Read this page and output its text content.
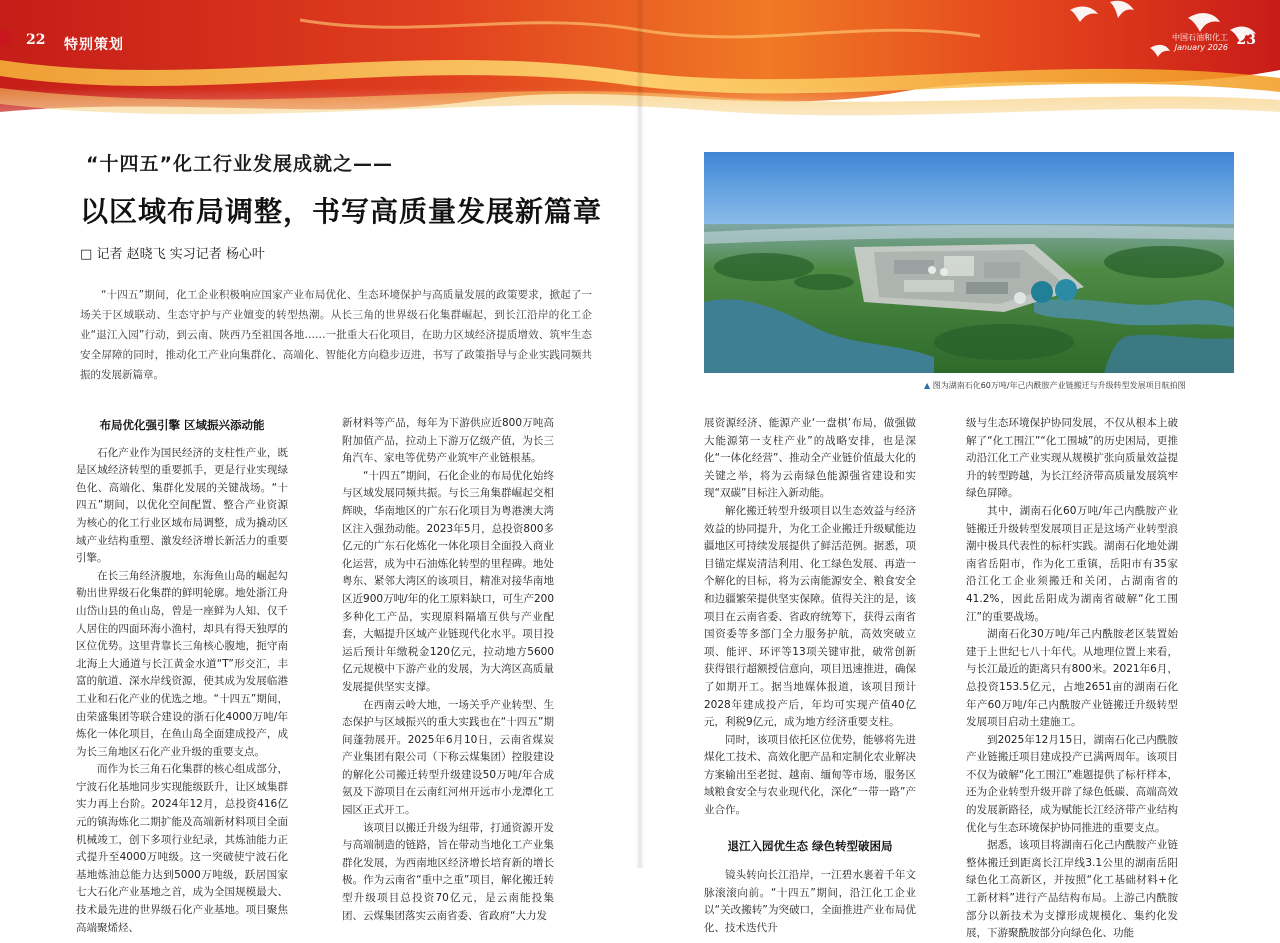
22 特别策划	中国石油和化工
January 2026 23
“十四五”化工行业发展成就之——
以区域布局调整，书写高质量发展新篇章
□ 记者 赵晓飞 实习记者 杨心叶
“十四五”期间，化工企业积极响应国家产业布局优化、生态环境保护与高质量发展的政策要求，掀起了一场关于区域联动、生态守护与产业嬗变的转型热潮。从长三角的世界级石化集群崛起，到长江沿岸的化工企业“退江入园”行动，到云南、陕西乃至祖国各地……一批重大石化项目，在助力区域经济提质增效、筑牢生态安全屏障的同时，推动化工产业向集群化、高端化、智能化方向稳步迈进，书写了政策指导与企业实践同频共振的发展新篇章。

布局优化强引擎 区域振兴添动能

石化产业作为国民经济的支柱性产业，既是区域经济转型的重要抓手，更是行业实现绿色化、高端化、集群化发展的关键战场。“十四五”期间，以优化空间配置、整合产业资源为核心的化工行业区域布局调整，成为撬动区域产业结构重塑、激发经济增长新活力的重要引擎。

在长三角经济腹地，东海鱼山岛的崛起勾勒出世界级石化集群的鲜明轮廓。地处浙江舟山岱山县的鱼山岛，曾是一座鲜为人知、仅千人居住的四面环海小渔村，却具有得天独厚的区位优势。这里背靠长三角核心腹地，扼守南北海上大通道与长江黄金水道“T”形交汇，丰富的航道、深水岸线资源，使其成为发展临港工业和石化产业的优选之地。“十四五”期间，由荣盛集团等联合建设的浙石化4000万吨/年炼化一体化项目，在鱼山岛全面建成投产，成为长三角地区石化产业升级的重要支点。

而作为长三角石化集群的核心组成部分，宁波石化基地同步实现能级跃升，让区域集群实力再上台阶。2024年12月，总投资416亿元的镇海炼化二期扩能及高端新材料项目全面机械竣工，创下多项行业纪录，其炼油能力正式提升至4000万吨级。这一突破使宁波石化基地炼油总能力达到5000万吨级，跃居国家七大石化产业基地之首，成为全国规模最大、技术最先进的世界级石化产业基地。项目聚焦高端聚烯烃、

新材料等产品，每年为下游供应近800万吨高附加值产品，拉动上下游万亿级产值，为长三角汽车、家电等优势产业筑牢产业链根基。

“十四五”期间，石化企业的布局优化始终与区域发展同频共振。与长三角集群崛起交相辉映，华南地区的广东石化项目为粤港澳大湾区注入强劲动能。2023年5月，总投资800多亿元的广东石化炼化一体化项目全面投入商业化运营，成为中石油炼化转型的里程碑。地处粤东、紧邻大湾区的该项目，精准对接华南地区近900万吨/年的化工原料缺口，可生产200多种化工产品，实现原料隔墙互供与产业配套，大幅提升区域产业链现代化水平。项目投运后预计年缴税金120亿元，拉动地方5600亿元规模中下游产业的发展，为大湾区高质量发展提供坚实支撑。

在西南云岭大地，一场关乎产业转型、生态保护与区域振兴的重大实践也在“十四五”期间蓬勃展开。2025年6月10日，云南省煤炭产业集团有限公司（下称云煤集团）控股建设的解化公司搬迁转型升级建设50万吨/年合成氨及下游项目在云南红河州开远市小龙潭化工园区正式开工。

该项目以搬迁升级为纽带，打通资源开发与高端制造的链路，旨在带动当地化工产业集群化发展，为西南地区经济增长培育新的增长极。作为云南省“重中之重”项目，解化搬迁转型升级项目总投资70亿元，是云南能投集团、云煤集团落实云南省委、省政府“大力发

▲ 图为湖南石化60万吨/年己内酰胺产业链搬迁与升级转型发展项目航拍图

展资源经济、能源产业‘一盘棋’布局，做强做大能源第一支柱产业”的战略安排，也是深化“一体化经营”、推动全产业链价值最大化的关键之举，将为云南绿色能源强省建设和实现“双碳”目标注入新动能。

解化搬迁转型升级项目以生态效益与经济效益的协同提升，为化工企业搬迁升级赋能边疆地区可持续发展提供了鲜活范例。据悉，项目锚定煤炭清洁利用、化工绿色发展、再造一个解化的目标，将为云南能源安全、粮食安全和边疆繁荣提供坚实保障。值得关注的是，该项目在云南省委、省政府统筹下，获得云南省国资委等多部门全力服务护航，高效突破立项、能评、环评等13项关键审批，破常创新获得银行超额授信意向，项目迅速推进，确保了如期开工。据当地媒体报道，该项目预计2028年建成投产后，年均可实现产值40亿元，利税9亿元，成为地方经济重要支柱。

同时，该项目依托区位优势，能够将先进煤化工技术、高效化肥产品和定制化农业解决方案输出至老挝、越南、缅甸等市场，服务区域粮食安全与农业现代化，深化“一带一路”产业合作。

退江入园优生态 绿色转型破困局

镜头转向长江沿岸，一江碧水裹着千年文脉滚滚向前。“十四五”期间，沿江化工企业以“关改搬转”为突破口，全面推进产业布局优化、技术迭代升

级与生态环境保护协同发展，不仅从根本上破解了“化工围江”“化工围城”的历史困局，更推动沿江化工产业实现从规模扩张向质量效益提升的转型跨越，为长江经济带高质量发展筑牢绿色屏障。

其中，湖南石化60万吨/年己内酰胺产业链搬迁升级转型发展项目正是这场产业转型浪潮中极具代表性的标杆实践。湖南石化地处湖南省岳阳市，作为化工重镇，岳阳市有35家沿江化工企业须搬迁和关闭，占湖南省的41.2%，因此岳阳成为湖南省破解“化工围江”的重要战场。

湖南石化30万吨/年己内酰胺老区装置始建于上世纪七八十年代。从地理位置上来看，与长江最近的距离只有800米。2021年6月，总投资153.5亿元，占地2651亩的湖南石化年产60万吨/年己内酰胺产业链搬迁升级转型发展项目启动土建施工。

到2025年12月15日，湖南石化己内酰胺产业链搬迁项目建成投产已满两周年。该项目不仅为破解“化工围江”难题提供了标杆样本，还为企业转型升级开辟了绿色低碳、高端高效的发展新路径，成为赋能长江经济带产业结构优化与生态环境保护协同推进的重要支点。

据悉，该项目将湖南石化己内酰胺产业链整体搬迁到距离长江岸线3.1公里的湖南岳阳绿色化工高新区，并按照“化工基础材料+化工新材料”进行产品结构布局。上游己内酰胺部分以新技术为支撑形成规模化、集约化发展，下游聚酰胺部分向绿色化、功能
